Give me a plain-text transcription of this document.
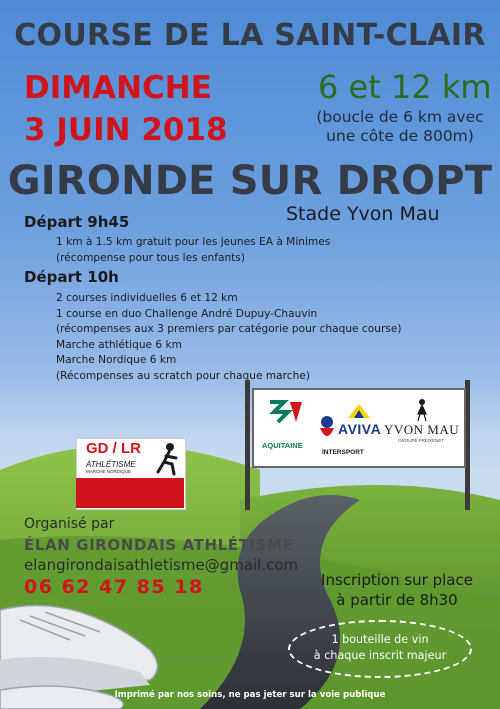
COURSE DE LA SAINT-CLAIR
DIMANCHE
3 JUIN 2018
6 et 12 km
(boucle de 6 km avec
une côte de 800m)
GIRONDE SUR DROPT
Stade Yvon Mau
Départ 9h45
1 km à 1.5 km gratuit pour les jeunes EA à Minimes
(récompense pour tous les enfants)
Départ 10h
2 courses individuelles 6 et 12 km
1 course en duo Challenge André Dupuy-Chauvin
(récompenses aux 3 premiers par catégorie pour chaque course)
Marche athlétique 6 km
Marche Nordique 6 km
(Récompenses au scratch pour chaque marche)
AQUITAINE
AVIVA
INTERSPORT
YVON MAU
GROUPE FREIXENET
GD / LR
ATHLÉTISME
MARCHE NORDIQUE
Organisé par
ÉLAN GIRONDAIS ATHLÉTISME
elangirondaisathletisme@gmail.com
06 62 47 85 18	Inscription sur place
à partir de 8h30
1 bouteille de vin
à chaque inscrit majeur
Imprimé par nos soins, ne pas jeter sur la voie publique
